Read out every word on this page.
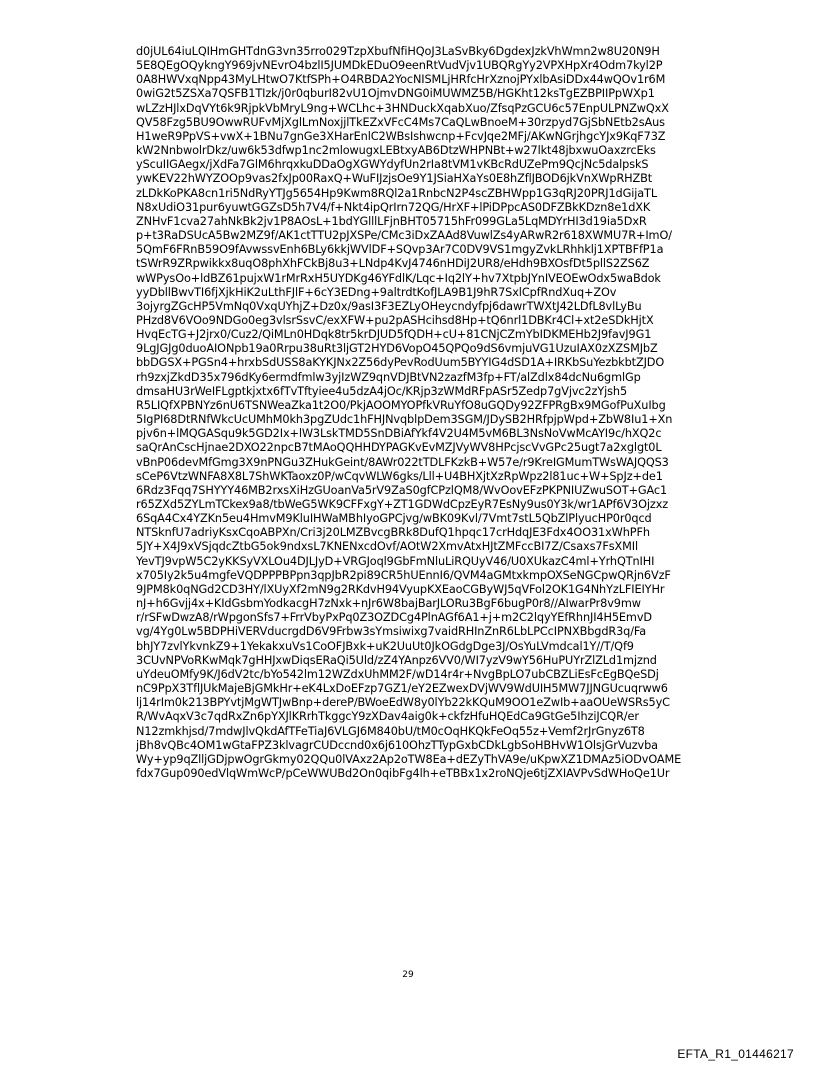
d0jUL64iuLQIHmGHTdnG3vn35rro029TzpXbufNfiHQoJ3LaSvBky6DgdexJzkVhWmn2w8U20N9H
5E8QEgOQykngY969jvNEvrO4bzlI5JUMDkEDuO9eenRtVudVjv1UBQRgYy2VPXHpXr4Odm7kyl2P
0A8HWVxqNpp43MyLHtwO7KtfSPh+O4RBDA2YocNISMLjHRfcHrXznojPYxlbAsiDDx44wQOv1r6M
0wiG2t5ZSXa7QSFB1TIzk/j0r0qburI82vU1OjmvDNG0iMUWMZ5B/HGKht12ksTgEZBPIIPpWXp1
wLZzHJlxDqVYt6k9RjpkVbMryL9ng+WCLhc+3HNDuckXqabXuo/ZfsqPzGCU6c57EnpULPNZwQxX
QV58Fzg5BU9OwwRUFvMjXglLmNoxjjlTkEZxVFcC4Ms7CaQLwBnoeM+30rzpyd7GjSbNEtb2sAus
H1weR9PpVS+vwX+1BNu7gnGe3XHarEnlC2WBsIshwcnp+FcvJqe2MFj/AKwNGrjhgcYJx9KqF73Z
kW2NnbwolrDkz/uw6k53dfwp1nc2mlowugxLEBtxyAB6DtzWHPNBt+w27lkt48jbxwuOaxzrcEks
yScuIIGAegx/jXdFa7GlM6hrqxkuDDaOgXGWYdyfUn2rIa8tVM1vKBcRdUZePm9QcjNc5dalpskS
ywKEV22hWYZOOp9vas2fxJp00RaxQ+WuFIJzjsOe9Y1JSiaHXaYs0E8hZflJBOD6jkVnXWpRHZBt
zLDkKoPKA8cn1ri5NdRyYTJg5654Hp9Kwm8RQl2a1RnbcN2P4scZBHWpp1G3qRJ20PRJ1dGijaTL
N8xUdiO31pur6yuwtGGZsD5h7V4/f+Nkt4ipQrIrn72QG/HrXF+lPiDPpcAS0DFZBkKDzn8e1dXK
ZNHvF1cva27ahNkBk2jv1P8AOsL+1bdYGlllLFjnBHT05715hFr099GLa5LqMDYrHI3d19ia5DxR
p+t3RaDSUcA5Bw2MZ9f/AK1ctTTU2pJXSPe/CMc3iDxZAAd8VuwlZs4yARwR2r618XWMU7R+ImO/
5QmF6FRnB59O9fAvwssvEnh6BLy6kkjWVlDF+SQvp3Ar7C0DV9VS1mgyZvkLRhhklj1XPTBFfP1a
tSWrR9ZRpwikkx8uqO8phXhFCkBj8u3+LNdp4KvJ4746nHDiJ2UR8/eHdh9BXOsfDt5pllS2ZS6Z
wWPysOo+ldBZ61pujxW1rMrRxH5UYDKg46YFdlK/Lqc+Iq2lY+hv7XtpbJYnIVEOEwOdx5waBdok
yyDbllBwvTI6fjXjkHiK2uLthFJlF+6cY3EDng+9altrdtKofJLA9B1J9hR7SxlCpfRndXuq+ZOv
3ojyrgZGcHP5VmNq0VxqUYhjZ+Dz0x/9asI3F3EZLyOHeycndyfpj6dawrTWXtJ42LDfL8vlLyBu
PHzd8V6VOo9NDGo0eg3vlsrSsvC/exXFW+pu2pASHcihsd8Hp+tQ6nrl1DBKr4Cl+xt2eSDkHjtX
HvqEcTG+J2jrx0/Cuz2/QiMLn0HDqk8tr5krDJUD5fQDH+cU+81CNjCZmYbIDKMEHb2J9favJ9G1
9LgJGJg0duoAIONpb19a0Rrpu38uRt3ljGT2HYD6VopO45QPQo9dS6vmjuVG1UzuIAX0zXZSMJbZ
bbDGSX+PGSn4+hrxbSdUSS8aKYKJNx2Z56dyPevRodUum5BYYIG4dSD1A+IRKbSuYezbkbtZJDO
rh9zxjZkdD35x796dKy6ermdfmlw3yjIzWZ9qnVDJBtVN2zazfM3fp+FT/alZdlx84dcNu6gmlGp
dmsaHU3rWeIFLgptkjxtx6fTvTftyiee4u5dzA4jOc/KRjp3zWMdRFpASr5Zedp7gVjvc2zYjsh5
R5LIQfXPBNYz6nU6TSNWeaZka1t2O0/PkjAOOMYOPfkVRuYfO8uGQDy92ZFPRgBx9MGofPuXuIbg
5IgPI68DtRNfWkcUcUMhM0kh3pgZUdc1hFHJNvqblpDem3SGM/JDySB2HRfpjpWpd+ZbW8Iu1+Xn
pjv6n+lMQGASqu9k5GD2Ix+lW3LskTMD5SnDBiAfYkf4V2U4M5vM6BL3NsNoVwMcAYI9c/hXQ2c
saQrAnCscHjnae2DXO22npcB7tMAoQQHHDYPAGKvEvMZJVyWV8HPcjscVvGPc25ugt7a2xglgt0L
vBnP06devMfGmg3X9nPNGu3ZHukGeint/8AWr022tTDLFKzkB+W57e/r9KreIGMumTWsWAJQQS3
sCeP6VtzWNFA8X8L7ShWKTaoxz0P/wCqvWLW6gks/Lll+U4BHXjtXzRpWpz2l81uc+W+SpJz+de1
6Rdz3Fqq7SHYYY46MB2rxsXiHzGUoanVa5rV9ZaS0gfCPzlQM8/WvOovEFzPKPNIUZwuSOT+GAc1
r65ZXd5ZYLmTCkex9a8/tbWeG5WK9CFFxgY+ZT1GDWdCpzEyR7EsNy9us0Y3k/wr1APf6V3Ojzxz
6SqA4Cx4YZKn5eu4HmvM9KluIHWaMBhIyoGPCjvg/wBK09Kvl/7Vmt7stL5QbZlPlyucHP0r0qcd
NTSknfU7adriyKsxCqoABPXn/Cri3j20LMZBvcgBRk8DufQ1hpqc17crHdqJE3Fdx4OO31xWhPFh
5JY+X4J9xVSjqdcZtbG5ok9ndxsL7KNENxcdOvf/AOtW2XmvAtxHJtZMFccBI7Z/Csaxs7FsXMIl
YevTJ9vpW5C2yKKSyVXLOu4DJLJyD+VRGJoql9GbFmNluLiRQUyV46/U0XUkazC4ml+YrhQTnIHI
x705Iy2k5u4mgfeVQDPPPBPpn3qpJbR2pi89CR5hUEnnI6/QVM4aGMtxkmpOXSeNGCpwQRjn6VzF
9JPM8k0qNGd2CD3HY/lXUyXf2mN9g2RKdvH94VyupKXEaoCGByWJ5qVFol2OK1G4NhYzLFIEIYHr
nJ+h6Gvjj4x+KIdGsbmYodkacgH7zNxk+nJr6W8bajBarJLORu3BgF6bugP0r8//AIwarPr8v9mw
r/rSFwDwzA8/rWpgonSfs7+FrrVbyPxPq0Z3OZDCg4PlnAGf6A1+j+m2C2lqyYEfRhnJI4H5EmvD
vg/4Yg0Lw5BDPHiVERVducrgdD6V9Frbw3sYmsiwixg7vaidRHInZnR6LbLPCcIPNXBbgdR3q/Fa
bhJY7zvlYkvnkZ9+1YekakxuVs1CoOFJBxk+uK2UuUt0JkOGdgDge3J/OsYuLVmdcal1Y//T/Qf9
3CUvNPVoRKwMqk7gHHJxwDiqsERaQi5Uld/zZ4YAnpz6VV0/WI7yzV9wY56HuPUYrZlZLd1mjznd
uYdeuOMfy9K/J6dV2tc/bYo542lm12WZdxUhMM2F/wD14r4r+NvgBpLO7ubCBZLiEsFcEgBQeSDj
nC9PpX3TflJUkMajeBjGMkHr+eK4LxDoEFzp7GZ1/eY2EZwexDVjWV9WdUIH5MW7JJNGUcuqrww6
lj14rIm0k213BPYvtjMgWTJwBnp+dereP/BWoeEdW8y0lYb22kKQuM9OO1eZwIb+aaOUeWSRs5yC
R/WvAqxV3c7qdRxZn6pYXJlKRrhTkggcY9zXDav4aig0k+ckfzHfuHQEdCa9GtGe5IhziJCQR/er
N12zmkhjsd/7mdwJlvQkdAfTFeTiaJ6VLGJ6M840bU/tM0cOqHKQkFeOq55z+Vemf2rJrGnyz6T8
jBh8vQBc4OM1wGtaFPZ3klvagrCUDccnd0x6j610OhzTTypGxbCDkLgbSoHBHvW1OlsjGrVuzvba
Wy+yp9qZlljGDjpwOgrGkmy02QQu0lVAxz2Ap2oTW8Ea+dEZyThVA9e/uKpwXZ1DMAz5iODvOAME
fdx7Gup090edVlqWmWcP/pCeWWUBd2On0qibFg4lh+eTBBx1x2roNQje6tjZXIAVPvSdWHoQe1Ur
29
EFTA_R1_01446217
